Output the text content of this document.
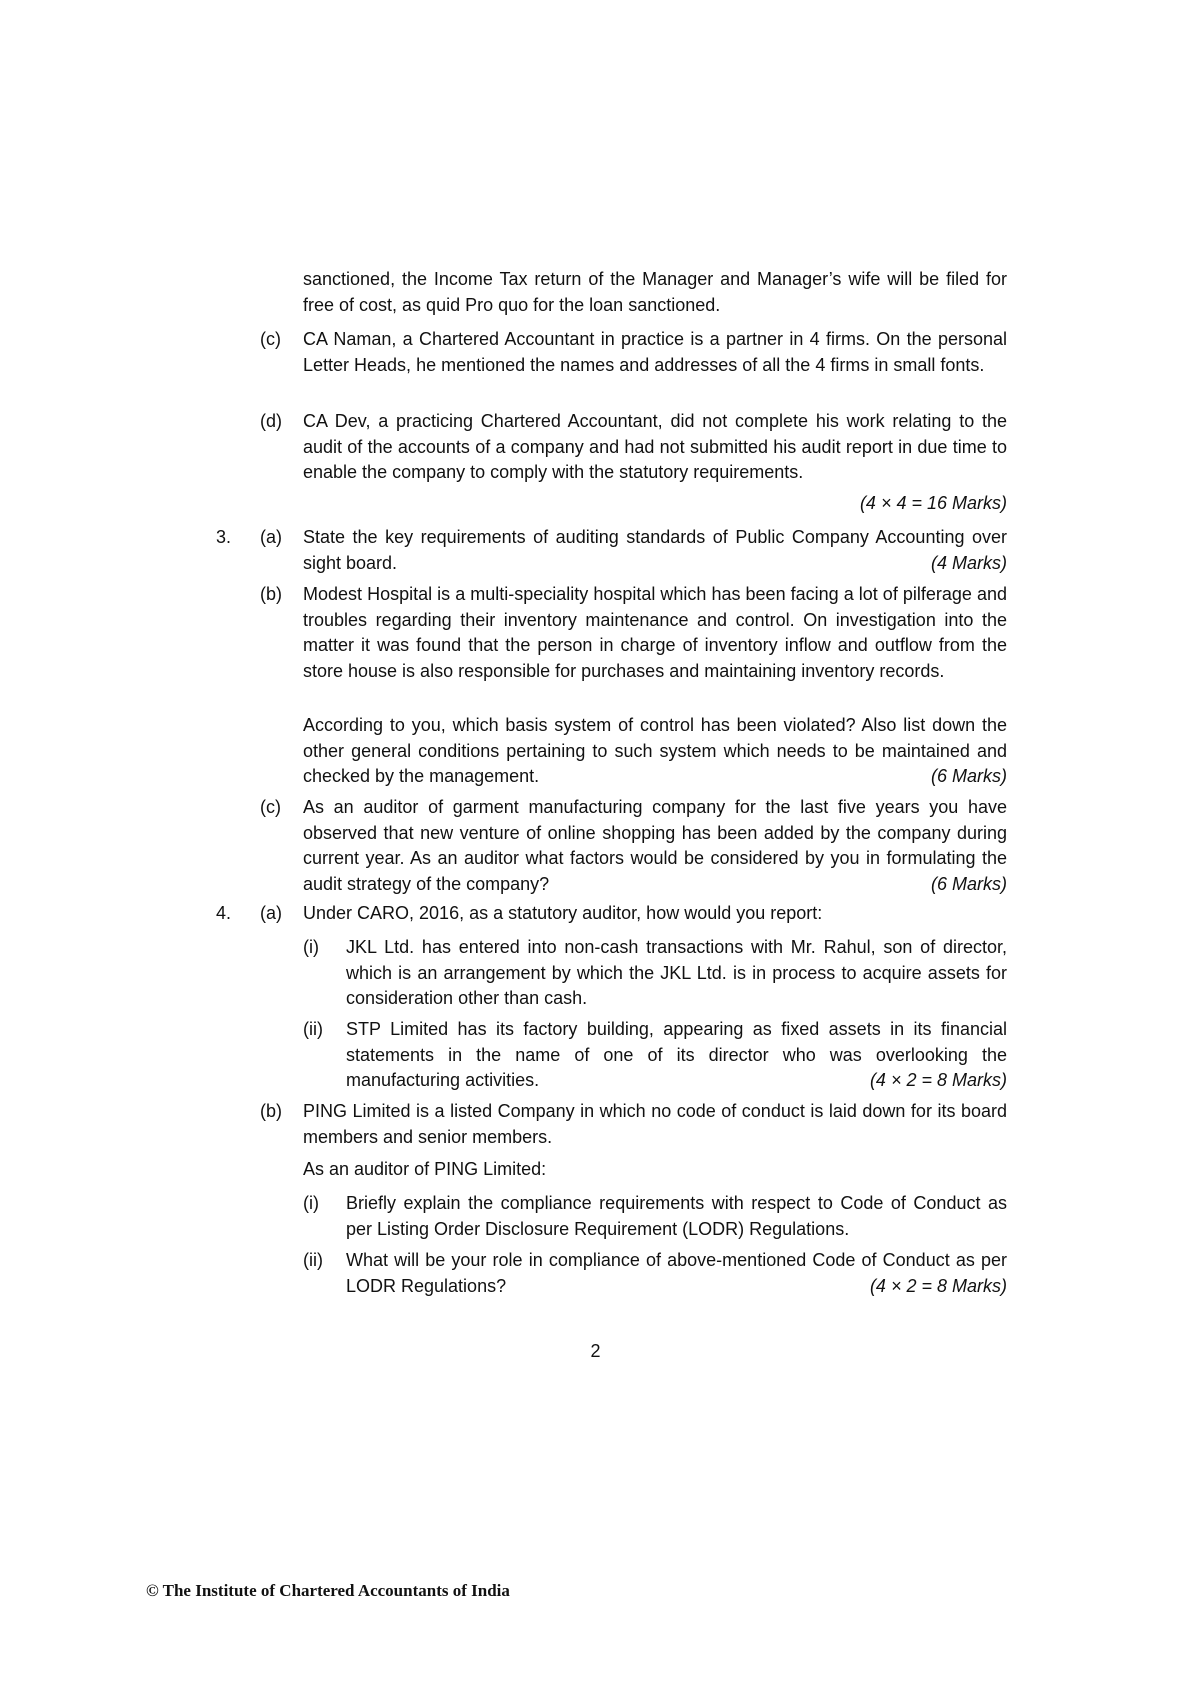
sanctioned, the Income Tax return of the Manager and Manager’s wife will be filed for free of cost, as quid Pro quo for the loan sanctioned.
(c) CA Naman, a Chartered Accountant in practice is a partner in 4 firms. On the personal Letter Heads, he mentioned the names and addresses of all the 4 firms in small fonts.
(d) CA Dev, a practicing Chartered Accountant, did not complete his work relating to the audit of the accounts of a company and had not submitted his audit report in due time to enable the company to comply with the statutory requirements.
(4 × 4 = 16 Marks)
3. (a) State the key requirements of auditing standards of Public Company Accounting over sight board.	(4 Marks)
(b) Modest Hospital is a multi-speciality hospital which has been facing a lot of pilferage and troubles regarding their inventory maintenance and control. On investigation into the matter it was found that the person in charge of inventory inflow and outflow from the store house is also responsible for purchases and maintaining inventory records.
According to you, which basis system of control has been violated? Also list down the other general conditions pertaining to such system which needs to be maintained and checked by the management.	(6 Marks)
(c) As an auditor of garment manufacturing company for the last five years you have observed that new venture of online shopping has been added by the company during current year. As an auditor what factors would be considered by you in formulating the audit strategy of the company?	(6 Marks)
4. (a) Under CARO, 2016, as a statutory auditor, how would you report:
(i) JKL Ltd. has entered into non-cash transactions with Mr. Rahul, son of director, which is an arrangement by which the JKL Ltd. is in process to acquire assets for consideration other than cash.
(ii) STP Limited has its factory building, appearing as fixed assets in its financial statements in the name of one of its director who was overlooking the manufacturing activities.	(4 × 2 = 8 Marks)
(b) PING Limited is a listed Company in which no code of conduct is laid down for its board members and senior members.
As an auditor of PING Limited:
(i) Briefly explain the compliance requirements with respect to Code of Conduct as per Listing Order Disclosure Requirement (LODR) Regulations.
(ii) What will be your role in compliance of above-mentioned Code of Conduct as per LODR Regulations?	(4 × 2 = 8 Marks)
2
© The Institute of Chartered Accountants of India
